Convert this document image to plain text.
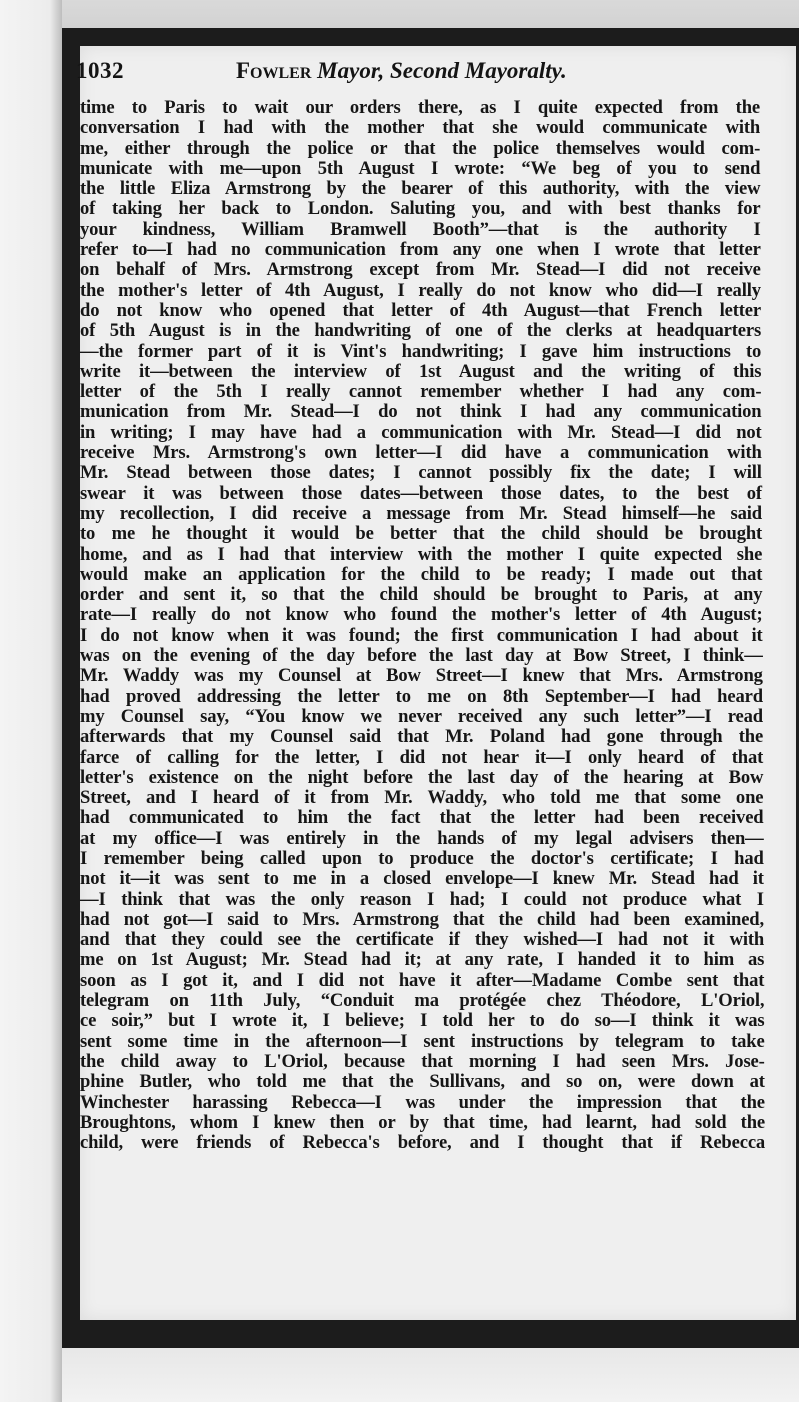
1032	Fowler Mayor, Second Mayoralty.
time to Paris to wait our orders there, as I quite expected from the
conversation I had with the mother that she would communicate with
me, either through the police or that the police themselves would com-
municate with me—upon 5th August I wrote: “We beg of you to send
the little Eliza Armstrong by the bearer of this authority, with the view
of taking her back to London. Saluting you, and with best thanks for
your kindness, William Bramwell Booth”—that is the authority I
refer to—I had no communication from any one when I wrote that letter
on behalf of Mrs. Armstrong except from Mr. Stead—I did not receive
the mother's letter of 4th August, I really do not know who did—I really
do not know who opened that letter of 4th August—that French letter
of 5th August is in the handwriting of one of the clerks at headquarters
—the former part of it is Vint's handwriting; I gave him instructions to
write it—between the interview of 1st August and the writing of this
letter of the 5th I really cannot remember whether I had any com-
munication from Mr. Stead—I do not think I had any communication
in writing; I may have had a communication with Mr. Stead—I did not
receive Mrs. Armstrong's own letter—I did have a communication with
Mr. Stead between those dates; I cannot possibly fix the date; I will
swear it was between those dates—between those dates, to the best of
my recollection, I did receive a message from Mr. Stead himself—he said
to me he thought it would be better that the child should be brought
home, and as I had that interview with the mother I quite expected she
would make an application for the child to be ready; I made out that
order and sent it, so that the child should be brought to Paris, at any
rate—I really do not know who found the mother's letter of 4th August;
I do not know when it was found; the first communication I had about it
was on the evening of the day before the last day at Bow Street, I think—
Mr. Waddy was my Counsel at Bow Street—I knew that Mrs. Armstrong
had proved addressing the letter to me on 8th September—I had heard
my Counsel say, “You know we never received any such letter”—I read
afterwards that my Counsel said that Mr. Poland had gone through the
farce of calling for the letter, I did not hear it—I only heard of that
letter's existence on the night before the last day of the hearing at Bow
Street, and I heard of it from Mr. Waddy, who told me that some one
had communicated to him the fact that the letter had been received
at my office—I was entirely in the hands of my legal advisers then—
I remember being called upon to produce the doctor's certificate; I had
not it—it was sent to me in a closed envelope—I knew Mr. Stead had it
—I think that was the only reason I had; I could not produce what I
had not got—I said to Mrs. Armstrong that the child had been examined,
and that they could see the certificate if they wished—I had not it with
me on 1st August; Mr. Stead had it; at any rate, I handed it to him as
soon as I got it, and I did not have it after—Madame Combe sent that
telegram on 11th July, “Conduit ma protégée chez Théodore, L'Oriol,
ce soir,” but I wrote it, I believe; I told her to do so—I think it was
sent some time in the afternoon—I sent instructions by telegram to take
the child away to L'Oriol, because that morning I had seen Mrs. Jose-
phine Butler, who told me that the Sullivans, and so on, were down at
Winchester harassing Rebecca—I was under the impression that the
Broughtons, whom I knew then or by that time, had learnt, had sold the
child, were friends of Rebecca's before, and I thought that if Rebecca
